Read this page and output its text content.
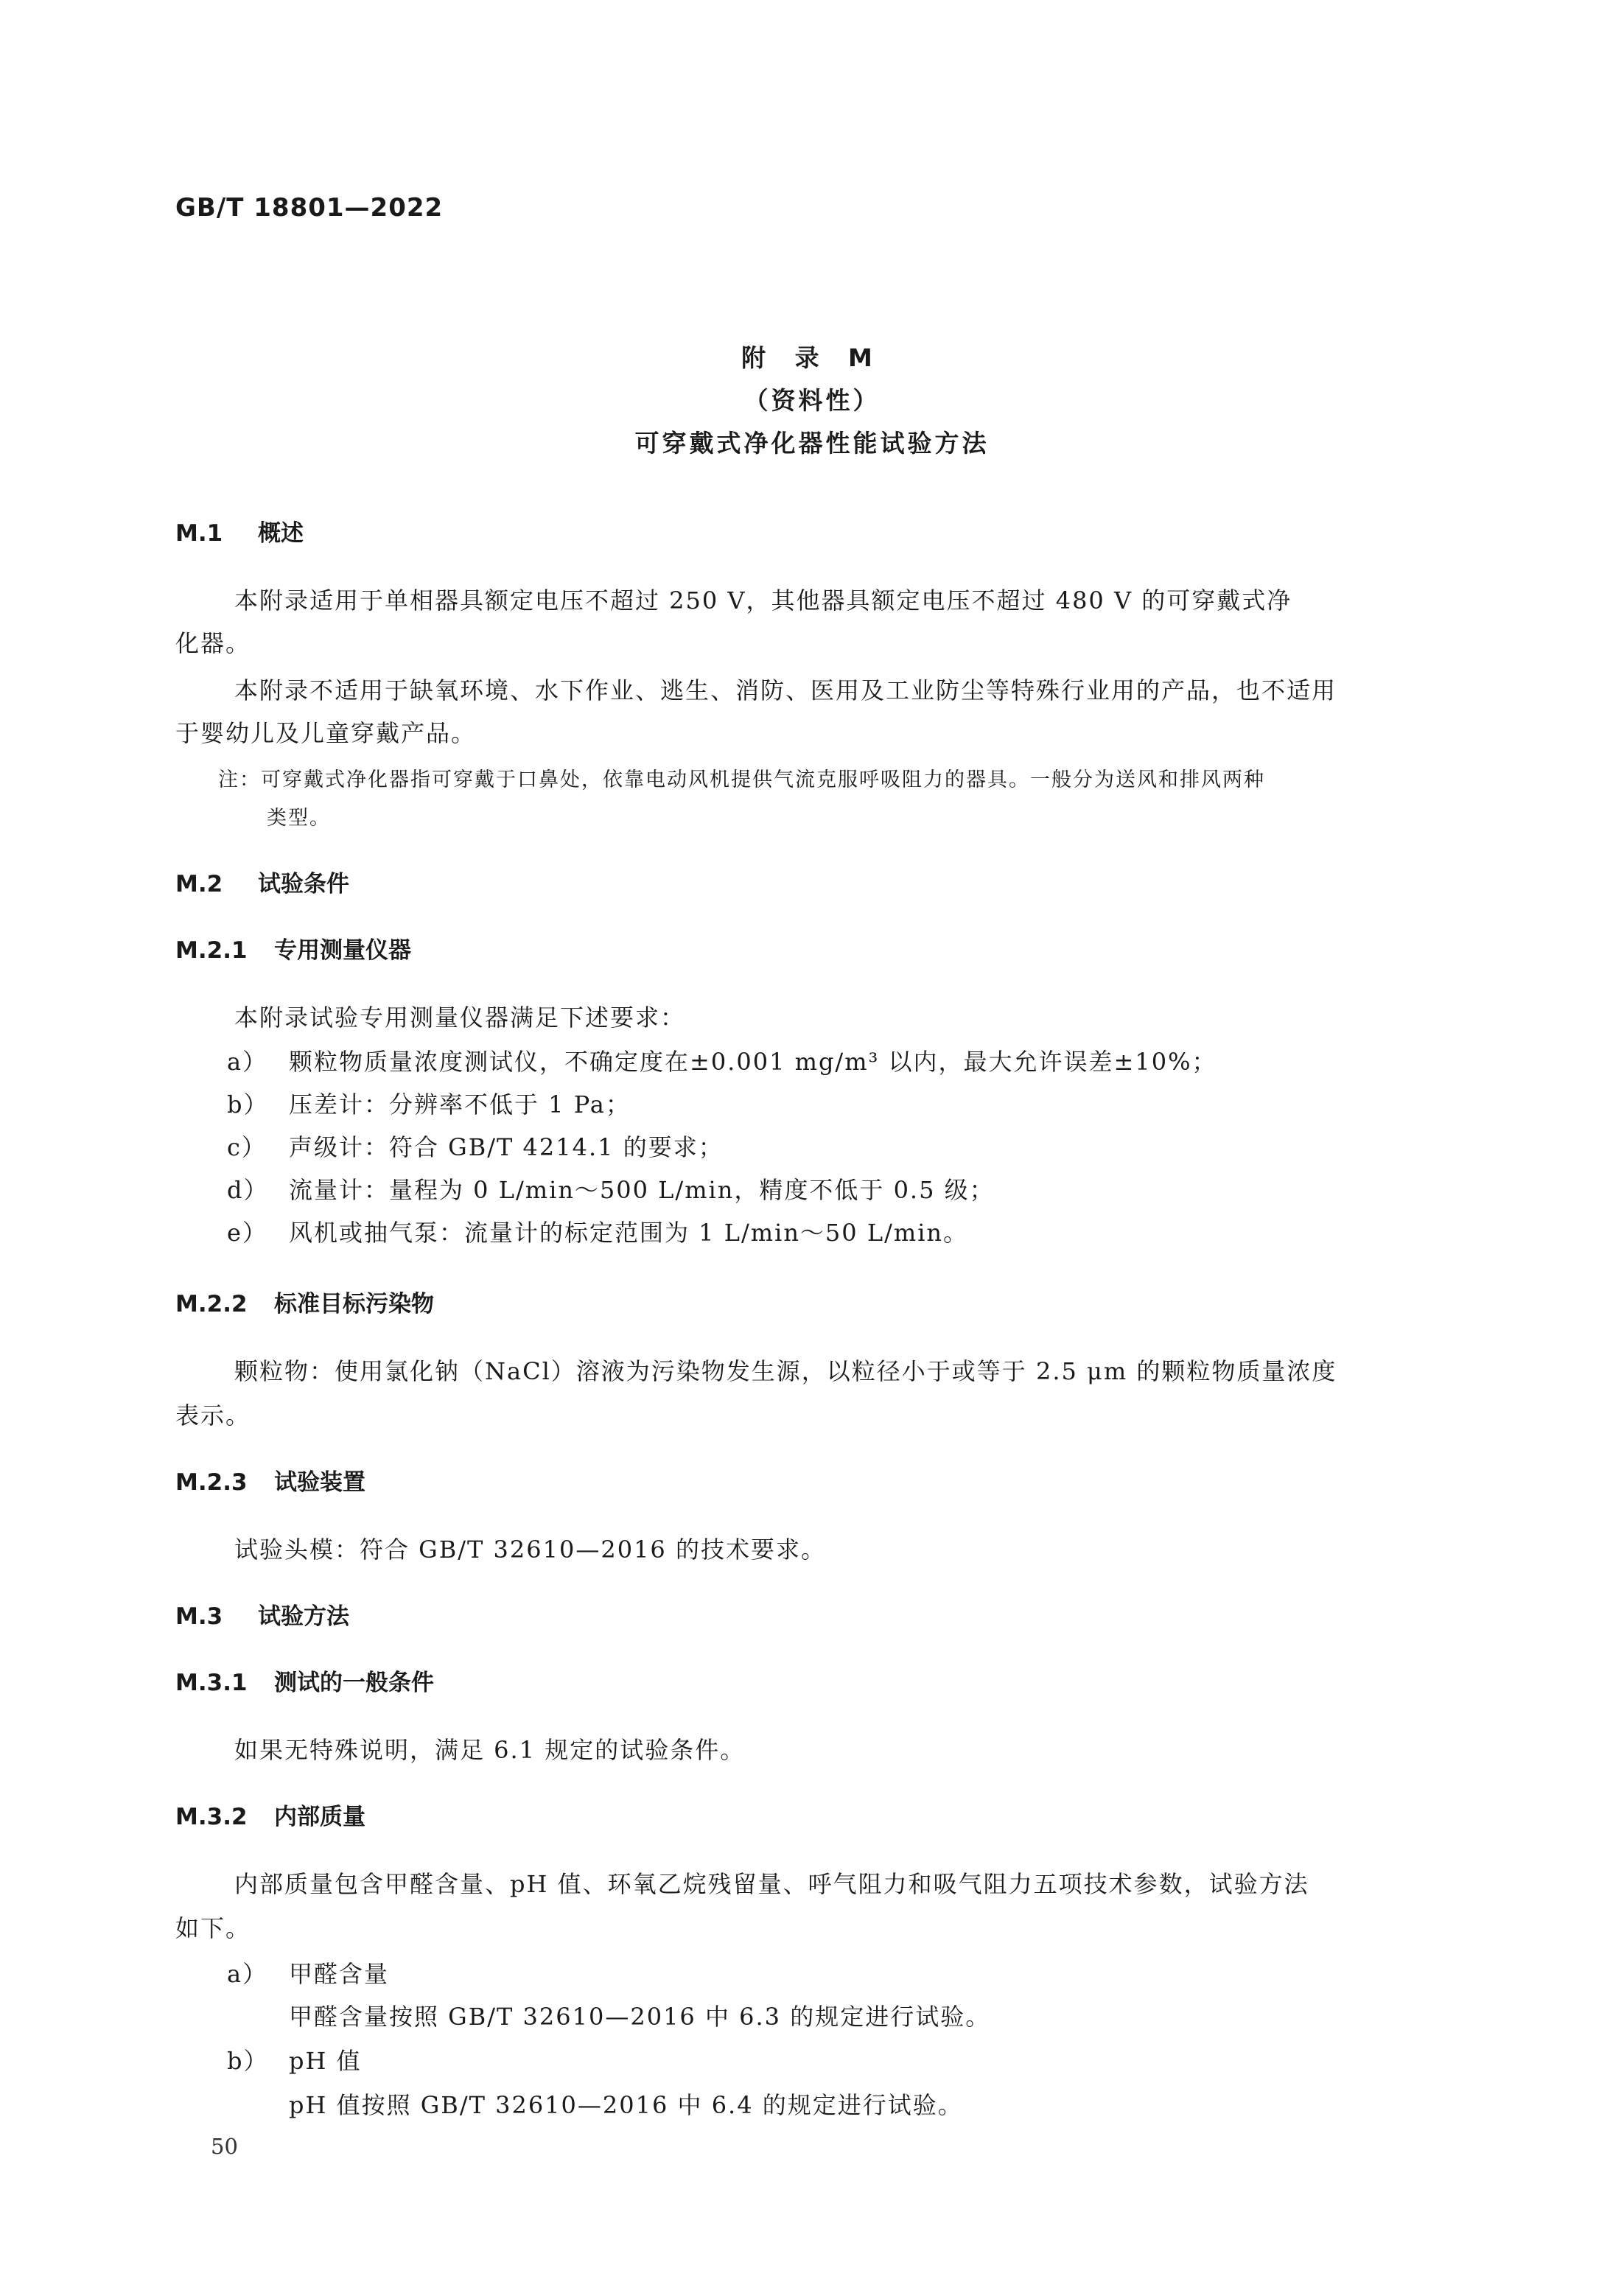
GB/T 18801—2022
附 录 M
（资料性）
可穿戴式净化器性能试验方法
M.1 概述
本附录适用于单相器具额定电压不超过 250 V，其他器具额定电压不超过 480 V 的可穿戴式净
化器。
本附录不适用于缺氧环境、水下作业、逃生、消防、医用及工业防尘等特殊行业用的产品，也不适用
于婴幼儿及儿童穿戴产品。
注：可穿戴式净化器指可穿戴于口鼻处，依靠电动风机提供气流克服呼吸阻力的器具。一般分为送风和排风两种
类型。
M.2 试验条件
M.2.1 专用测量仪器
本附录试验专用测量仪器满足下述要求：
a） 颗粒物质量浓度测试仪，不确定度在±0.001 mg/m³ 以内，最大允许误差±10%；
b） 压差计：分辨率不低于 1 Pa；
c） 声级计：符合 GB/T 4214.1 的要求；
d） 流量计：量程为 0 L/min～500 L/min，精度不低于 0.5 级；
e） 风机或抽气泵：流量计的标定范围为 1 L/min～50 L/min。
M.2.2 标准目标污染物
颗粒物：使用氯化钠（NaCl）溶液为污染物发生源，以粒径小于或等于 2.5 μm 的颗粒物质量浓度
表示。
M.2.3 试验装置
试验头模：符合 GB/T 32610—2016 的技术要求。
M.3 试验方法
M.3.1 测试的一般条件
如果无特殊说明，满足 6.1 规定的试验条件。
M.3.2 内部质量
内部质量包含甲醛含量、pH 值、环氧乙烷残留量、呼气阻力和吸气阻力五项技术参数，试验方法
如下。
a） 甲醛含量
甲醛含量按照 GB/T 32610—2016 中 6.3 的规定进行试验。
b） pH 值
pH 值按照 GB/T 32610—2016 中 6.4 的规定进行试验。
50
